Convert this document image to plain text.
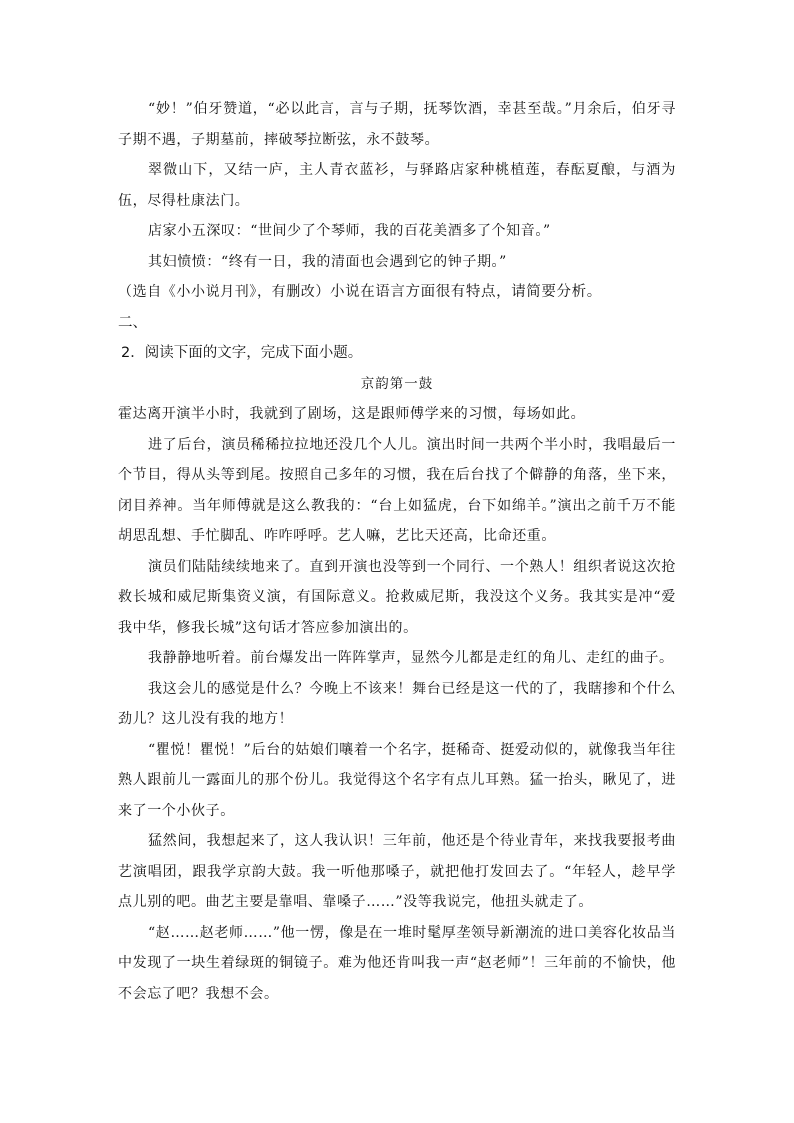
“妙！”伯牙赞道，“必以此言，言与子期，抚琴饮酒，幸甚至哉。”月余后，伯牙寻子期不遇，子期墓前，摔破琴拉断弦，永不鼓琴。

翠微山下，又结一庐，主人青衣蓝衫，与驿路店家种桃植莲，春酝夏酿，与酒为伍，尽得杜康法门。

店家小五深叹：“世间少了个琴师，我的百花美酒多了个知音。”

其妇愤愤：“终有一日，我的清面也会遇到它的钟子期。”

（选自《小小说月刊》，有删改）小说在语言方面很有特点，请简要分析。

二、

2．阅读下面的文字，完成下面小题。

京韵第一鼓

霍达离开演半小时，我就到了剧场，这是跟师傅学来的习惯，每场如此。

进了后台，演员稀稀拉拉地还没几个人儿。演出时间一共两个半小时，我唱最后一个节目，得从头等到尾。按照自己多年的习惯，我在后台找了个僻静的角落，坐下来，闭目养神。当年师傅就是这么教我的：“台上如猛虎，台下如绵羊。”演出之前千万不能胡思乱想、手忙脚乱、咋咋呼呼。艺人嘛，艺比天还高，比命还重。

演员们陆陆续续地来了。直到开演也没等到一个同行、一个熟人！组织者说这次抢救长城和威尼斯集资义演，有国际意义。抢救威尼斯，我没这个义务。我其实是冲“爱我中华，修我长城”这句话才答应参加演出的。

我静静地听着。前台爆发出一阵阵掌声，显然今儿都是走红的角儿、走红的曲子。

我这会儿的感觉是什么？今晚上不该来！舞台已经是这一代的了，我瞎掺和个什么劲儿？这儿没有我的地方！

“瞿悦！瞿悦！”后台的姑娘们嚷着一个名字，挺稀奇、挺爱动似的，就像我当年往熟人跟前儿一露面儿的那个份儿。我觉得这个名字有点儿耳熟。猛一抬头，瞅见了，进来了一个小伙子。

猛然间，我想起来了，这人我认识！三年前，他还是个待业青年，来找我要报考曲艺演唱团，跟我学京韵大鼓。我一听他那嗓子，就把他打发回去了。“年轻人，趁早学点儿别的吧。曲艺主要是靠唱、靠嗓子……”没等我说完，他扭头就走了。

“赵……赵老师……”他一愣，像是在一堆时髦厚垄领导新潮流的进口美容化妆品当中发现了一块生着绿斑的铜镜子。难为他还肯叫我一声“赵老师”！三年前的不愉快，他不会忘了吧？我想不会。
